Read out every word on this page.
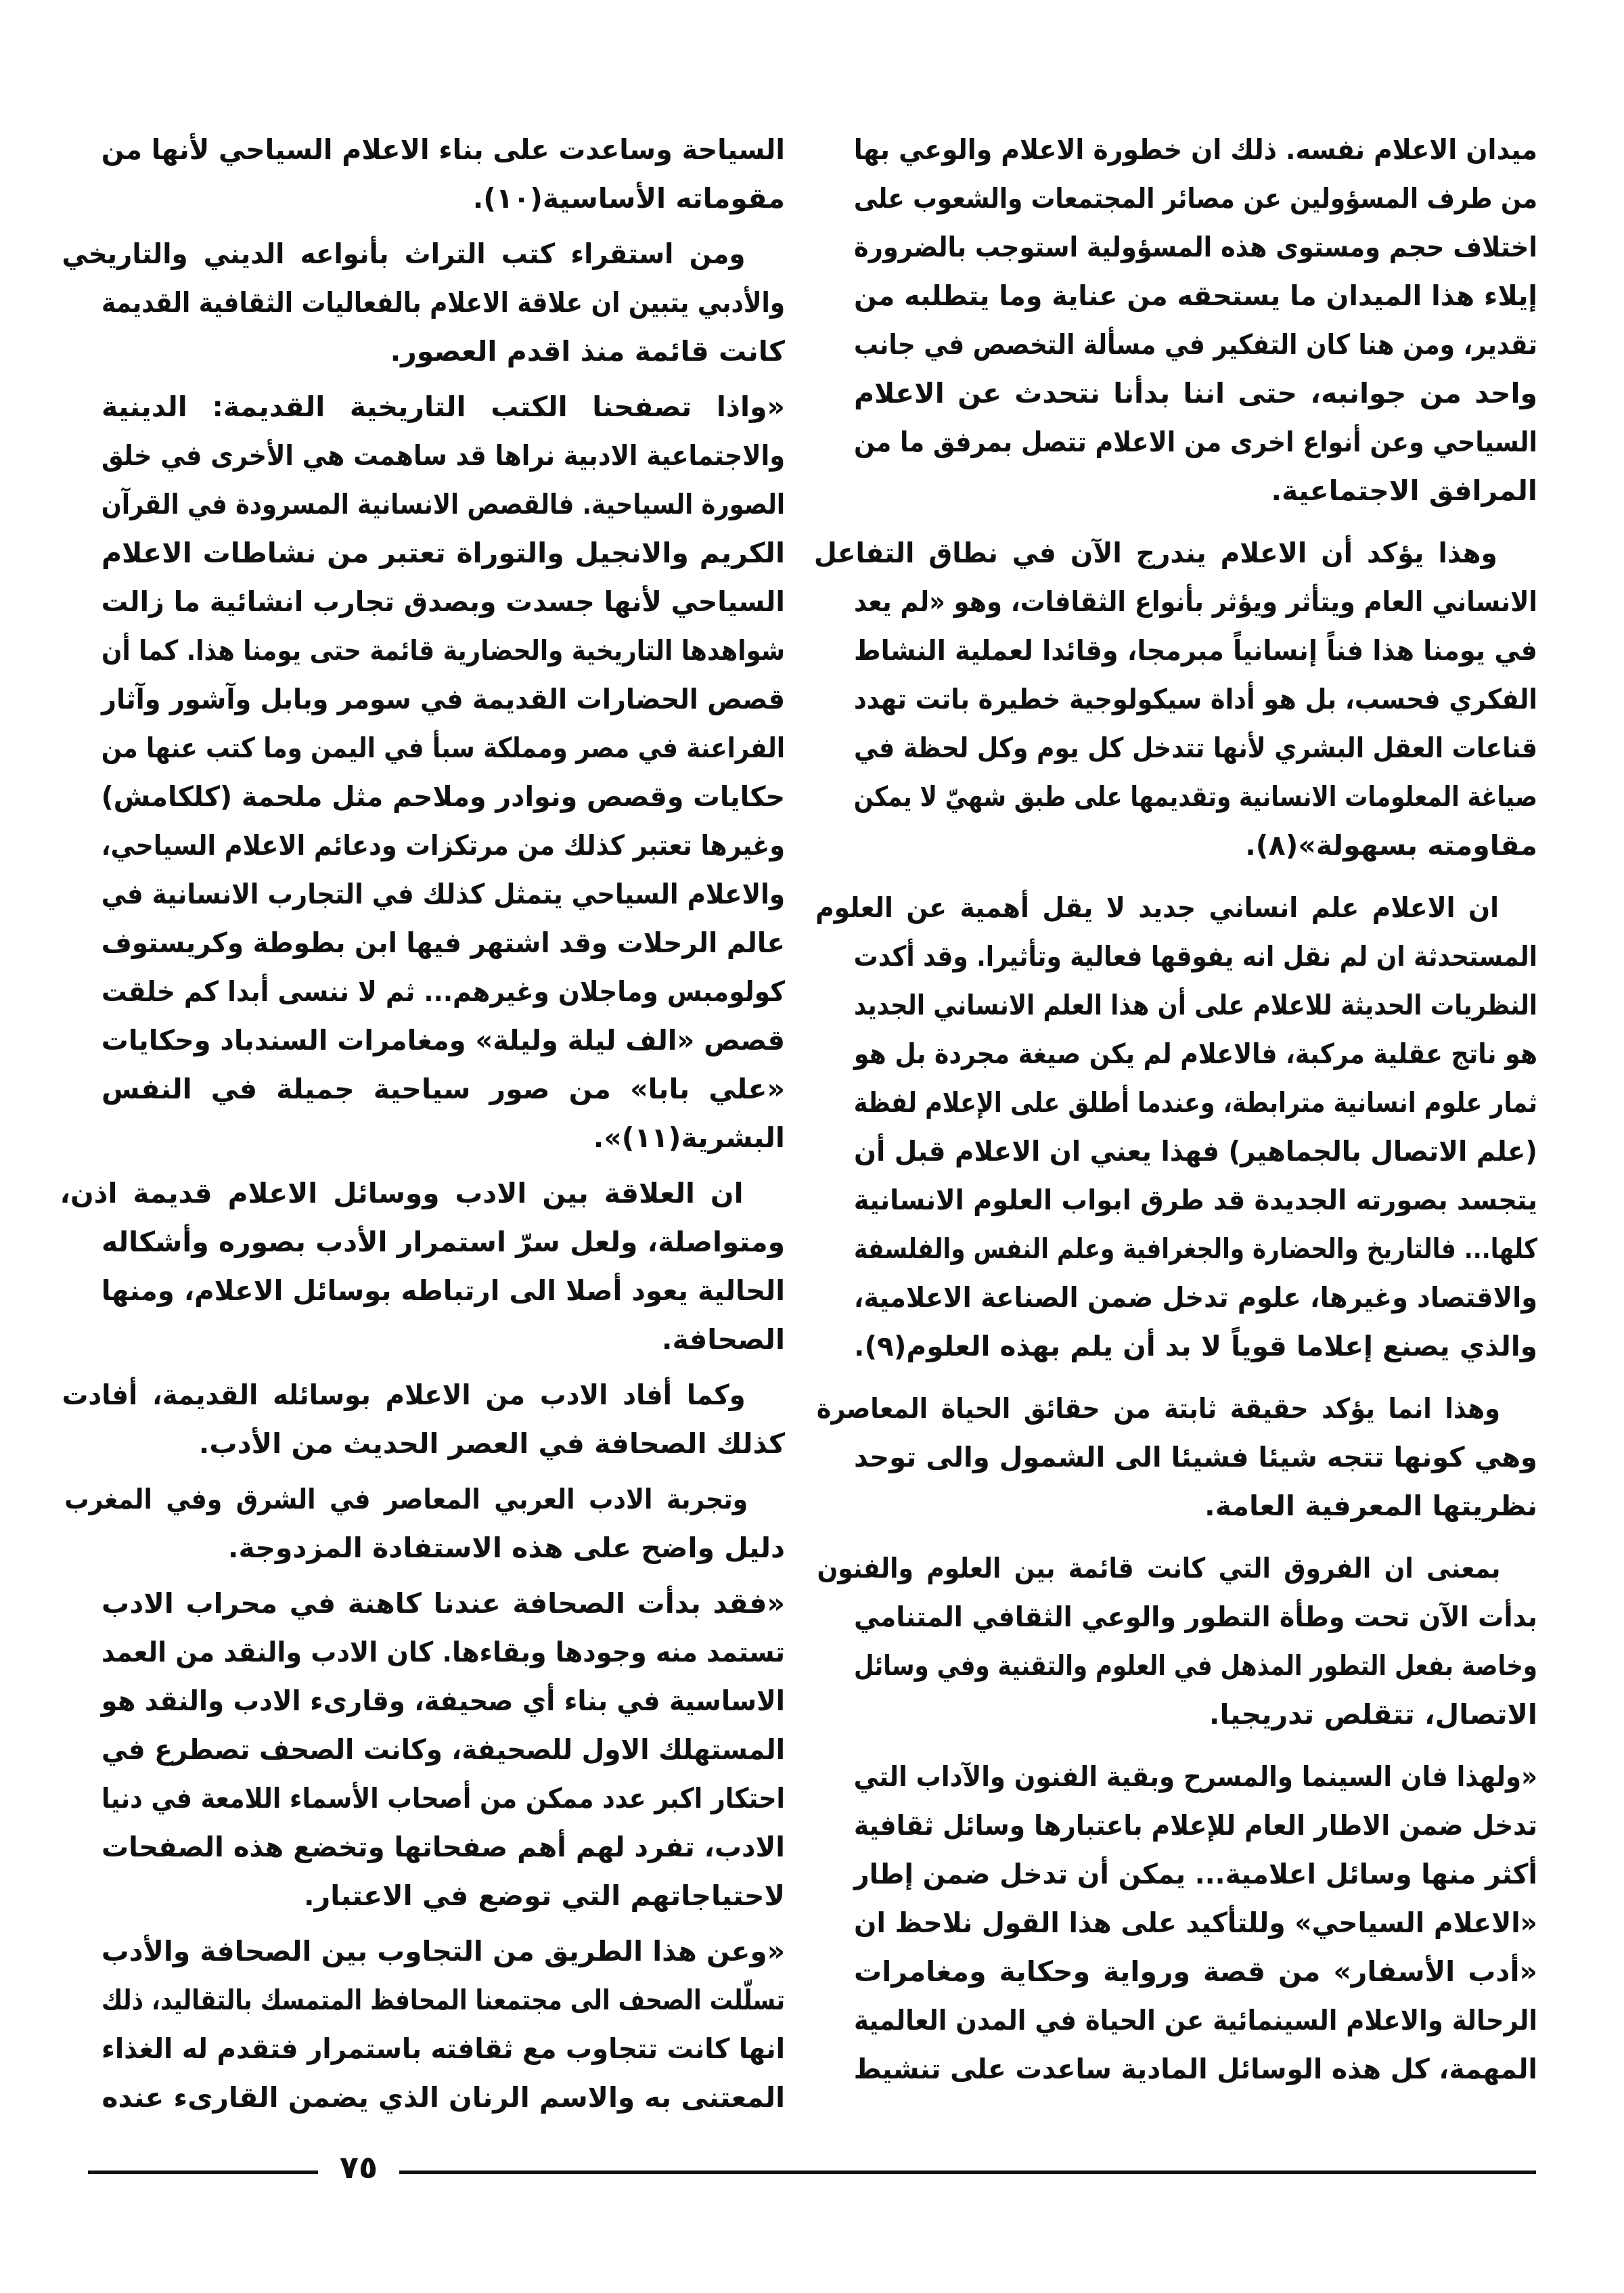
ميدان الاعلام نفسه. ذلك ان خطورة الاعلام والوعي بها
من طرف المسؤولين عن مصائر المجتمعات والشعوب على
اختلاف حجم ومستوى هذه المسؤولية استوجب بالضرورة
إيلاء هذا الميدان ما يستحقه من عناية وما يتطلبه من
تقدير، ومن هنا كان التفكير في مسألة التخصص في جانب
واحد من جوانبه، حتى اننا بدأنا نتحدث عن الاعلام
السياحي وعن أنواع اخرى من الاعلام تتصل بمرفق ما من
المرافق الاجتماعية.
وهذا يؤكد أن الاعلام يندرج الآن في نطاق التفاعل
الانساني العام ويتأثر ويؤثر بأنواع الثقافات، وهو «لم يعد
في يومنا هذا فناً إنسانياً مبرمجا، وقائدا لعملية النشاط
الفكري فحسب، بل هو أداة سيكولوجية خطيرة باتت تهدد
قناعات العقل البشري لأنها تتدخل كل يوم وكل لحظة في
صياغة المعلومات الانسانية وتقديمها على طبق شهيّ لا يمكن
مقاومته بسهولة»(٨).
ان الاعلام علم انساني جديد لا يقل أهمية عن العلوم
المستحدثة ان لم نقل انه يفوقها فعالية وتأثيرا. وقد أكدت
النظريات الحديثة للاعلام على أن هذا العلم الانساني الجديد
هو ناتج عقلية مركبة، فالاعلام لم يكن صيغة مجردة بل هو
ثمار علوم انسانية مترابطة، وعندما أطلق على الإعلام لفظة
(علم الاتصال بالجماهير) فهذا يعني ان الاعلام قبل أن
يتجسد بصورته الجديدة قد طرق ابواب العلوم الانسانية
كلها... فالتاريخ والحضارة والجغرافية وعلم النفس والفلسفة
والاقتصاد وغيرها، علوم تدخل ضمن الصناعة الاعلامية،
والذي يصنع إعلاما قوياً لا بد أن يلم بهذه العلوم(٩).
وهذا انما يؤكد حقيقة ثابتة من حقائق الحياة المعاصرة
وهي كونها تتجه شيئا فشيئا الى الشمول والى توحد
نظريتها المعرفية العامة.
بمعنى ان الفروق التي كانت قائمة بين العلوم والفنون
بدأت الآن تحت وطأة التطور والوعي الثقافي المتنامي
وخاصة بفعل التطور المذهل في العلوم والتقنية وفي وسائل
الاتصال، تتقلص تدريجيا.
«ولهذا فان السينما والمسرح وبقية الفنون والآداب التي
تدخل ضمن الاطار العام للإعلام باعتبارها وسائل ثقافية
أكثر منها وسائل اعلامية... يمكن أن تدخل ضمن إطار
«الاعلام السياحي» وللتأكيد على هذا القول نلاحظ ان
«أدب الأسفار» من قصة ورواية وحكاية ومغامرات
الرحالة والاعلام السينمائية عن الحياة في المدن العالمية
المهمة، كل هذه الوسائل المادية ساعدت على تنشيط
السياحة وساعدت على بناء الاعلام السياحي لأنها من
مقوماته الأساسية(١٠).
ومن استقراء كتب التراث بأنواعه الديني والتاريخي
والأدبي يتبين ان علاقة الاعلام بالفعاليات الثقافية القديمة
كانت قائمة منذ اقدم العصور.
«واذا تصفحنا الكتب التاريخية القديمة: الدينية
والاجتماعية الادبية نراها قد ساهمت هي الأخرى في خلق
الصورة السياحية. فالقصص الانسانية المسرودة في القرآن
الكريم والانجيل والتوراة تعتبر من نشاطات الاعلام
السياحي لأنها جسدت وبصدق تجارب انشائية ما زالت
شواهدها التاريخية والحضارية قائمة حتى يومنا هذا. كما أن
قصص الحضارات القديمة في سومر وبابل وآشور وآثار
الفراعنة في مصر ومملكة سبأ في اليمن وما كتب عنها من
حكايات وقصص ونوادر وملاحم مثل ملحمة (كلكامش)
وغيرها تعتبر كذلك من مرتكزات ودعائم الاعلام السياحي،
والاعلام السياحي يتمثل كذلك في التجارب الانسانية في
عالم الرحلات وقد اشتهر فيها ابن بطوطة وكريستوف
كولومبس وماجلان وغيرهم... ثم لا ننسى أبدا كم خلقت
قصص «الف ليلة وليلة» ومغامرات السندباد وحكايات
«علي بابا» من صور سياحية جميلة في النفس
البشرية(١١)».
ان العلاقة بين الادب ووسائل الاعلام قديمة اذن،
ومتواصلة، ولعل سرّ استمرار الأدب بصوره وأشكاله
الحالية يعود أصلا الى ارتباطه بوسائل الاعلام، ومنها
الصحافة.
وكما أفاد الادب من الاعلام بوسائله القديمة، أفادت
كذلك الصحافة في العصر الحديث من الأدب.
وتجربة الادب العربي المعاصر في الشرق وفي المغرب
دليل واضح على هذه الاستفادة المزدوجة.
«فقد بدأت الصحافة عندنا كاهنة في محراب الادب
تستمد منه وجودها وبقاءها. كان الادب والنقد من العمد
الاساسية في بناء أي صحيفة، وقارىء الادب والنقد هو
المستهلك الاول للصحيفة، وكانت الصحف تصطرع في
احتكار اكبر عدد ممكن من أصحاب الأسماء اللامعة في دنيا
الادب، تفرد لهم أهم صفحاتها وتخضع هذه الصفحات
لاحتياجاتهم التي توضع في الاعتبار.
«وعن هذا الطريق من التجاوب بين الصحافة والأدب
تسلّلت الصحف الى مجتمعنا المحافظ المتمسك بالتقاليد، ذلك
انها كانت تتجاوب مع ثقافته باستمرار فتقدم له الغذاء
المعتنى به والاسم الرنان الذي يضمن القارىء عنده
٧٥
